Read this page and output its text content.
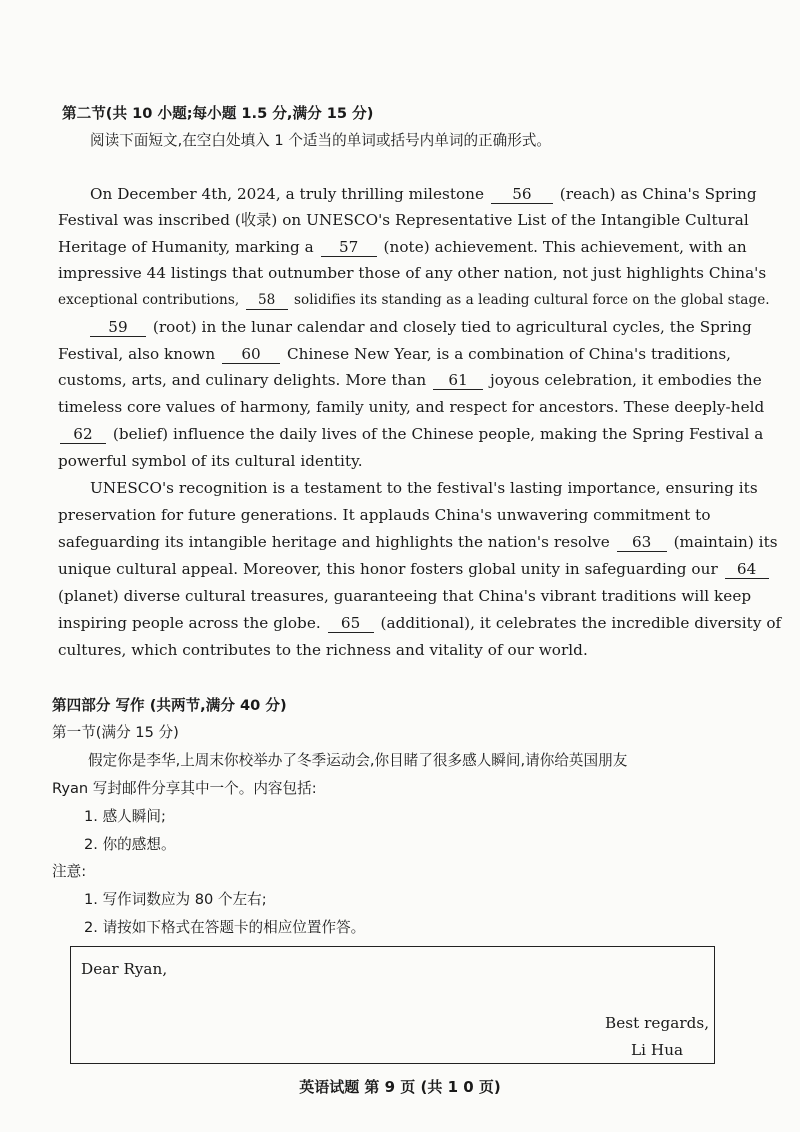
第二节(共 10 小题;每小题 1.5 分,满分 15 分)
阅读下面短文,在空白处填入 1 个适当的单词或括号内单词的正确形式。
On December 4th, 2024, a truly thrilling milestone 56 (reach) as China's Spring
Festival was inscribed (收录) on UNESCO's Representative List of the Intangible Cultural
Heritage of Humanity, marking a 57 (note) achievement. This achievement, with an
impressive 44 listings that outnumber those of any other nation, not just highlights China's
exceptional contributions, 58 solidifies its standing as a leading cultural force on the global stage.
59 (root) in the lunar calendar and closely tied to agricultural cycles, the Spring
Festival, also known 60 Chinese New Year, is a combination of China's traditions,
customs, arts, and culinary delights. More than 61 joyous celebration, it embodies the
timeless core values of harmony, family unity, and respect for ancestors. These deeply-held
62 (belief) influence the daily lives of the Chinese people, making the Spring Festival a
powerful symbol of its cultural identity.
UNESCO's recognition is a testament to the festival's lasting importance, ensuring its
preservation for future generations. It applauds China's unwavering commitment to
safeguarding its intangible heritage and highlights the nation's resolve 63 (maintain) its
unique cultural appeal. Moreover, this honor fosters global unity in safeguarding our 64
(planet) diverse cultural treasures, guaranteeing that China's vibrant traditions will keep
inspiring people across the globe. 65 (additional), it celebrates the incredible diversity of
cultures, which contributes to the richness and vitality of our world.
第四部分 写作 (共两节,满分 40 分)
第一节(满分 15 分)
假定你是李华,上周末你校举办了冬季运动会,你目睹了很多感人瞬间,请你给英国朋友
Ryan 写封邮件分享其中一个。内容包括:
1. 感人瞬间;
2. 你的感想。
注意:
1. 写作词数应为 80 个左右;
2. 请按如下格式在答题卡的相应位置作答。
Dear Ryan,
Best regards,
Li Hua
英语试题 第 9 页 (共 1 0 页)
